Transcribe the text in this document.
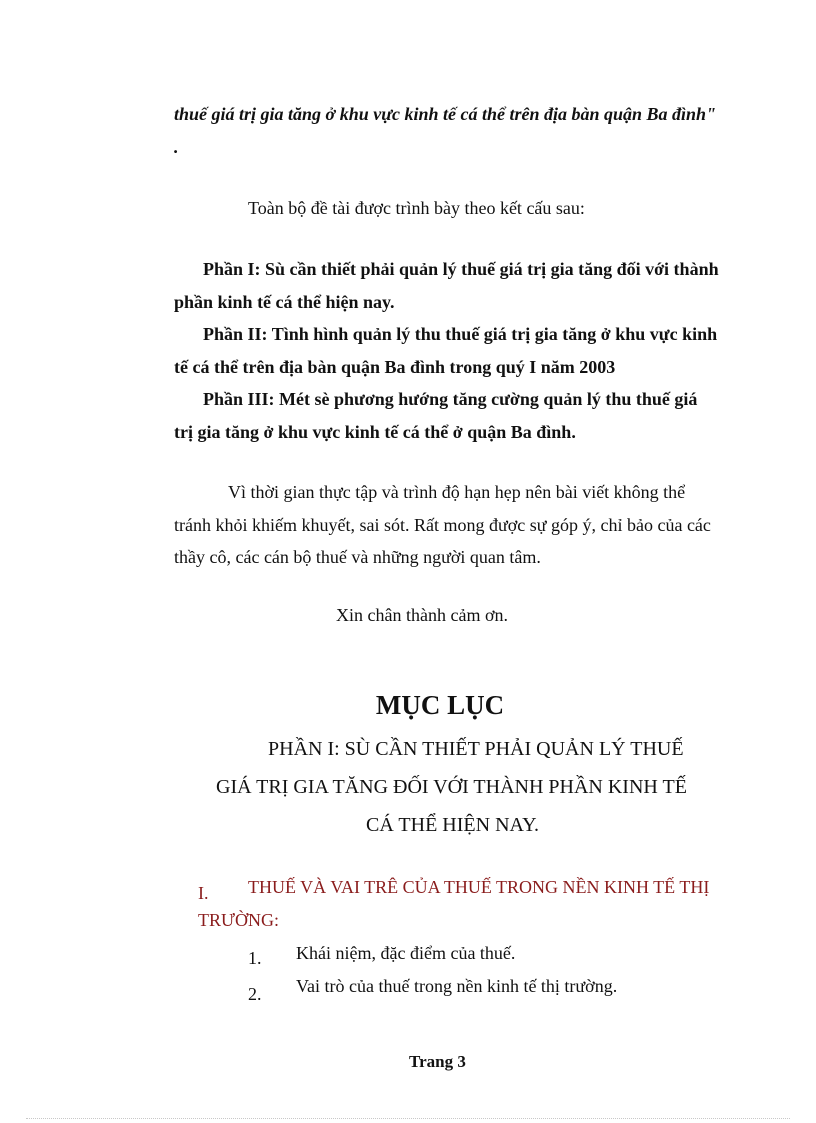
thuế giá trị gia tăng ở khu vực kinh tế cá thể trên địa bàn quận Ba đình"
.
Toàn bộ đề tài được trình bày theo kết cấu sau:

Phần I: Sù cần thiết phải quản lý thuế giá trị gia tăng đối với thành

phần kinh tế cá thể hiện nay.

Phần II: Tình hình quản lý thu thuế giá trị gia tăng ở khu vực kinh

tế cá thể trên địa bàn quận Ba đình trong quý I năm 2003

Phần III: Mét sè phương hướng tăng cường quản lý thu thuế giá

trị gia tăng ở khu vực kinh tế cá thể ở quận Ba đình.

Vì thời gian thực tập và trình độ hạn hẹp nên bài viết không thể

tránh khỏi khiếm khuyết, sai sót. Rất mong được sự góp ý, chỉ bảo của các

thầy cô, các cán bộ thuế và những người quan tâm.

Xin chân thành cảm ơn.
MỤC LỤC
PHẦN I: SÙ CẦN THIẾT PHẢI QUẢN LÝ THUẾ
GIÁ TRỊ GIA TĂNG ĐỐI VỚI THÀNH PHẦN KINH TẾ
CÁ THỂ HIỆN NAY.
I. THUẾ VÀ VAI TRÊ CỦA THUẾ TRONG NỀN KINH TẾ THỊ
TRƯỜNG:
1. Khái niệm, đặc điểm của thuế.
2. Vai trò của thuế trong nền kinh tế thị trường.
Trang 3
